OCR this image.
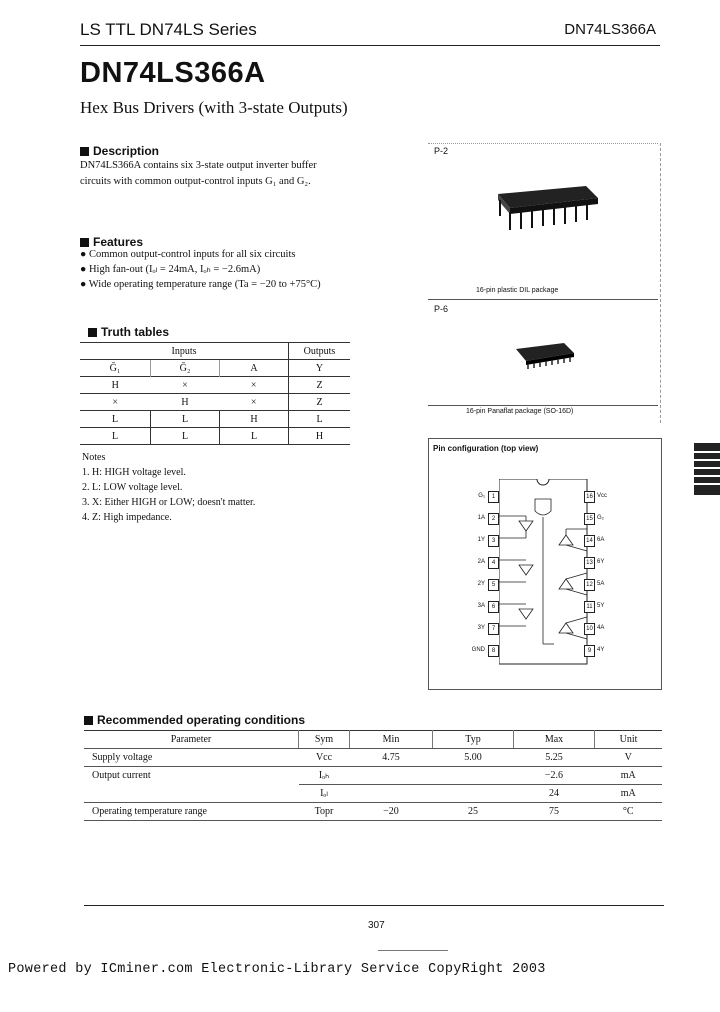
LS TTL DN74LS Series	DN74LS366A
DN74LS366A
Hex Bus Drivers (with 3-state Outputs)
Description
DN74LS366A contains six 3-state output inverter buffer
circuits with common output-control inputs G₁ and G₂.
Features
● Common output-control inputs for all six circuits
● High fan-out (Iₒₗ = 24mA, Iₒₕ = −2.6mA)
● Wide operating temperature range (Ta = −20 to +75°C)
Truth tables
Inputs			Outputs
Ḡ₁	Ḡ₂	A	Y
H	×	×	Z
×	H	×	Z
L	L	H	L
L	L	L	H
Notes
1. H: HIGH voltage level.
2. L: LOW voltage level.
3. X: Either HIGH or LOW; doesn't matter.
4. Z: High impedance.
P-2
16-pin plastic DIL package
P-6
16-pin Panaflat package (SO-16D)
Pin configuration (top view)
1
G₁
2
1A
3
1Y
4
2A
5
2Y
6
3A
7
3Y
8
GND
16 Vcc
15 G₂
14 6A
13 6Y
12 5A
11 5Y
10 4A
9 4Y
Recommended operating conditions
Parameter	Sym	Min	Typ	Max	Unit
Supply voltage	Vcc	4.75	5.00	5.25	V
Output current	Iₒₕ			−2.6	mA
	Iₒₗ			24	mA
Operating temperature range	Topr	−20	25	75	°C
307
Powered by ICminer.com Electronic-Library Service CopyRight 2003
